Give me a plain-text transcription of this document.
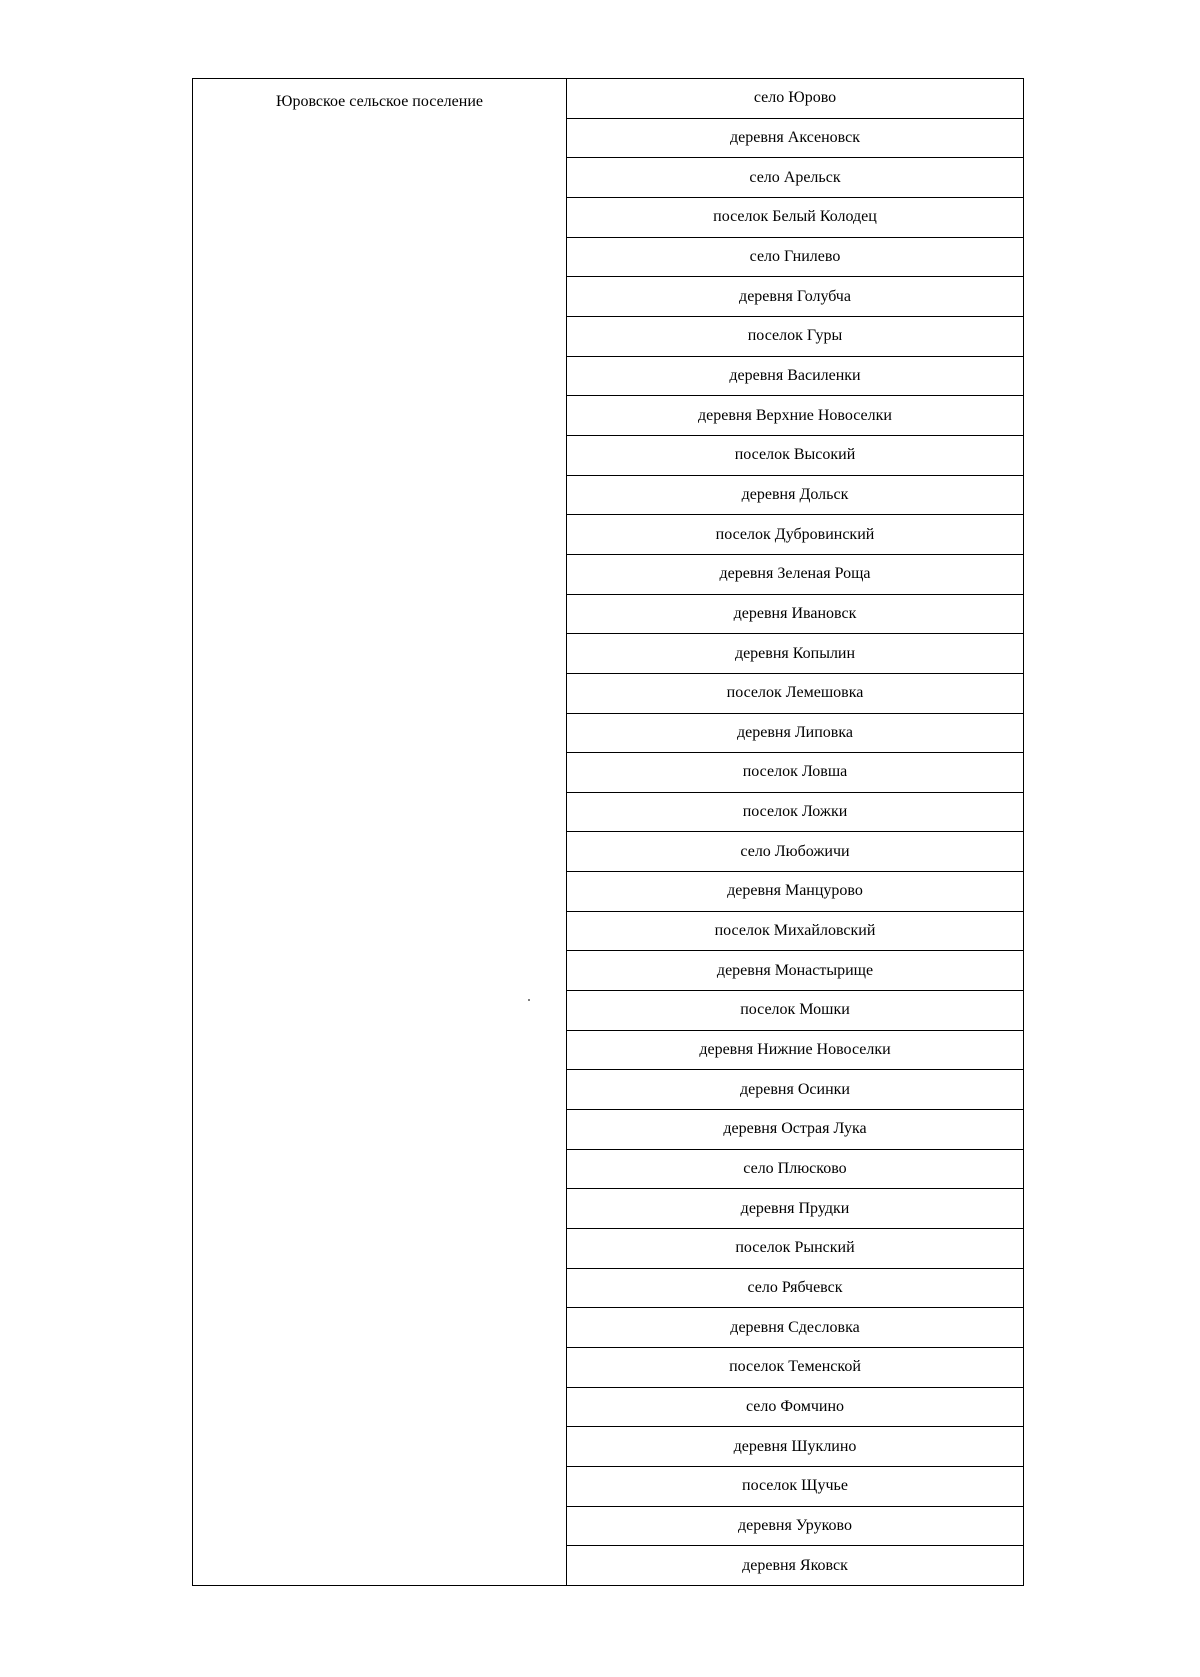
Юровское сельское поселение	село Юрово
деревня Аксеновск
село Арельск
поселок Белый Колодец
село Гнилево
деревня Голубча
поселок Гуры
деревня Василенки
деревня Верхние Новоселки
поселок Высокий
деревня Дольск
поселок Дубровинский
деревня Зеленая Роща
деревня Ивановск
деревня Копылин
поселок Лемешовка
деревня Липовка
поселок Ловша
поселок Ложки
село Любожичи
деревня Манцурово
поселок Михайловский
деревня Монастырище
поселок Мошки
деревня Нижние Новоселки
деревня Осинки
деревня Острая Лука
село Плюсково
деревня Прудки
поселок Рынский
село Рябчевск
деревня Сдесловка
поселок Теменской
село Фомчино
деревня Шуклино
поселок Щучье
деревня Уруково
деревня Яковск
